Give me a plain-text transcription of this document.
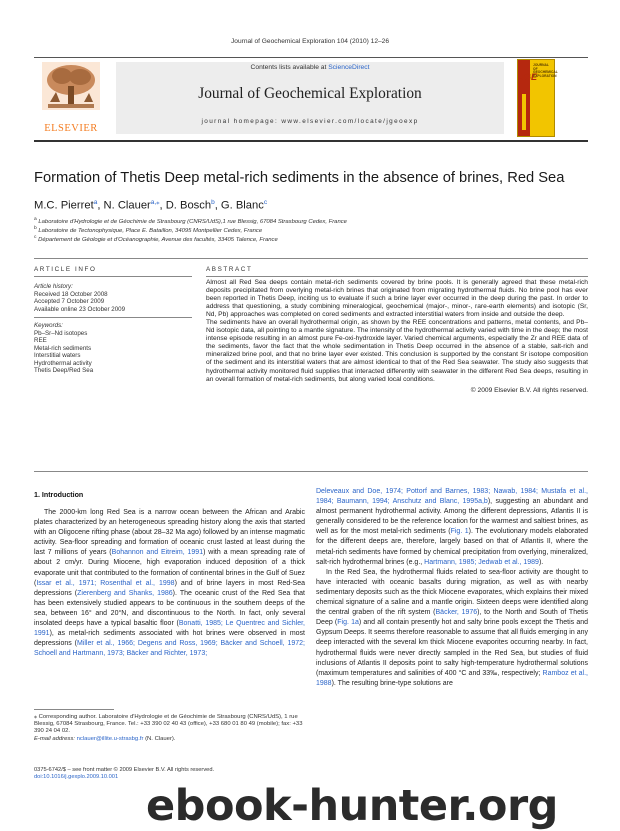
Journal of Geochemical Exploration 104 (2010) 12–26
ELSEVIER
Contents lists available at ScienceDirect
Journal of Geochemical Exploration
journal homepage: www.elsevier.com/locate/jgeoexp
JGE
JOURNAL OF GEOCHEMICAL EXPLORATION
Formation of Thetis Deep metal-rich sediments in the absence of brines, Red Sea
M.C. Pierret$^a$, N. Clauer$^{a,⁎}$, D. Bosch$^b$, G. Blanc$^c$
$^a$ Laboratoire d'Hydrologie et de Géochimie de Strasbourg (CNRS/UdS),1 rue Blessig, 67084 Strasbourg Cedex, France
$^b$ Laboratoire de Tectonophysique, Place E. Bataillon, 34095 Montpellier Cedex, France
$^c$ Département de Géologie et d'Océanographie, Avenue des facultés, 33405 Talence, France
ARTICLE INFO	ABSTRACT
Article history:
Received 18 October 2008
Accepted 7 October 2009
Available online 23 October 2009
Keywords:
Pb–Sr–Nd isotopes
REE
Metal-rich sediments
Interstitial waters
Hydrothermal activity
Thetis Deep/Red Sea

Almost all Red Sea deeps contain metal-rich sediments covered by brine pools. It is generally agreed that these metal-rich deposits precipitated from overlying metal-rich brines that originated from migrating hydrothermal fluids. No brine pool has ever been reported in Thetis Deep, inciting us to evaluate if such a brine layer ever occurred in the deep during the past. In order to address that questioning, a study combining mineralogical, geochemical (major-, minor-, rare-earth elements) and isotopic (Sr, Nd, Pb) approaches was completed on cored sediments and extracted interstitial waters from inside and outside the deep.

The sediments have an overall hydrothermal origin, as shown by the REE concentrations and patterns, metal contents, and Pb–Nd isotopic data, all pointing to a mantle signature. The intensity of the hydrothermal activity varied with time in the deep; the most intense episode resulting in an almost pure Fe-oxi-hydroxide layer. Varied chemical arguments, especially the Zr and REE data of the sediments, favor the fact that the whole sedimentation in Thetis Deep occurred in the absence of a stable, salt-rich and mineralized brine pool, and that no brine layer ever existed. This conclusion is supported by the constant Sr isotope composition of the sediment and its interstitial waters that are almost identical to that of the Red Sea seawater. The study also suggests that hydrothermal activity monitored fluid supplies that interacted differently with seawater in the different Red Sea deeps, resulting in an overall formation of metal-rich sediments, but along varied local conditions.

© 2009 Elsevier B.V. All rights reserved.

1. Introduction

The 2000-km long Red Sea is a narrow ocean between the African and Arabic plates characterized by an heterogeneous spreading history along the axis that started with an Oligocene rifting phase (about 28–32 Ma ago) followed by an intense magmatic activity. Sea-floor spreading and formation of oceanic crust lasted at least during the last 7 millions of years (Bohannon and Eitreim, 1991) with a mean spreading rate of about 2 cm/yr. During Miocene, high evaporation induced deposition of a thick evaporate unit that contributed to the formation of continental brines in the Gulf of Suez (Issar et al., 1971; Rosenthal et al., 1998) and of brine layers in most Red-Sea depressions (Zierenberg and Shanks, 1986). The oceanic crust of the Red Sea that has been extensively studied appears to be continuous in the southern deeps of the sea, between 16° and 20°N, and discontinuous to the North. In fact, only several insolated deeps have a typical basaltic floor (Bonatti, 1985; Le Quentrec and Sichler, 1991), as metal-rich sediments associated with hot brines were observed in most depressions (Miller et al., 1966; Degens and Ross, 1969; Bäcker and Schoell, 1972; Schoell and Hartmann, 1973; Bäcker and Richter, 1973;

Deleveaux and Doe, 1974; Pottorf and Barnes, 1983; Nawab, 1984; Mustafa et al., 1984; Baumann, 1994; Anschutz and Blanc, 1995a,b), suggesting an abundant and almost permanent hydrothermal activity. Among the different depressions, Atlantis II is generally considered to be the reference location for the warmest and saltiest brines, as well as for the most metal-rich sediments (Fig. 1). The evolutionary models elaborated for the different deeps are, therefore, largely based on that of Atlantis II, where the metal-rich sediments have formed by chemical precipitation from overlying, mineralized, salt-rich hydrothermal brines (e.g., Hartmann, 1985; Jedwab et al., 1989).

In the Red Sea, the hydrothermal fluids related to sea-floor activity are thought to have interacted with oceanic basalts during migration, as well as with nearby sedimentary deposits such as the thick Miocene evaporates, which explains their mixed chemical signature of a saline and a mantle origin. Sixteen deeps were identified along the central graben of the rift system (Bäcker, 1976), to the North and South of Thetis Deep (Fig. 1a) and all contain presently hot and salty brine pools except the Thetis and Gypsum Deeps. It seems therefore reasonable to assume that all fluids emerging in any deep interacted with the several km thick Miocene evaporites occurring nearby. In fact, hydrothermal fluids were never directly sampled in the Red Sea, but studies of fluid inclusions of Atlantis II deposits point to salty high-temperature hydrothermal solutions (maximum temperatures and salinities of 400 °C and 33‰, respectively; Ramboz et al., 1988). The resulting brine-type solutions are

⁎ Corresponding author. Laboratoire d'Hydrologie et de Géochimie de Strasbourg (CNRS/UdS), 1 rue Blessig, 67084 Strasbourg, France. Tel.: +33 390 02 40 43 (office), +33 680 01 80 49 (mobile); fax: +33 390 24 04 02.
E-mail address: nclauer@illite.u-strasbg.fr (N. Clauer).
0375-6742/$ – see front matter © 2009 Elsevier B.V. All rights reserved.
doi:10.1016/j.gexplo.2009.10.001
ebook-hunter.org
